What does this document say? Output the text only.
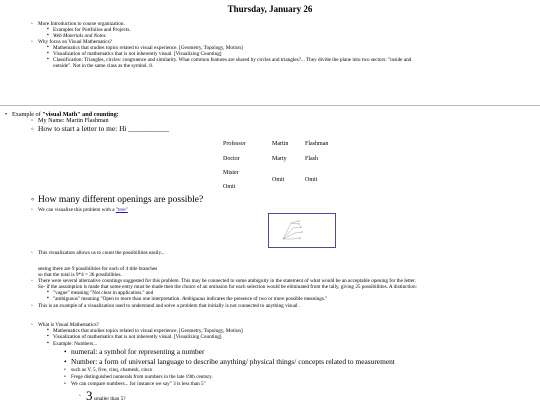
Thursday, January 26
◦ More Introduction to course organization.
▪ Examples for Portfolios and Projects.
▪ Web Materials and Notes.
◦ Why focus on Visual Mathematics?
▪ Mathematics that studies topics related to visual experience. [Geometry, Topology, Motion]
▪ Visualization of mathematics that is not inherently visual. [Visualizing Counting]
▪ Classification: Triangles, circles: congruence and similarity. What common features are shared by circles and triangles?... They divide the plane into two sectors: "inside and
outside". Not in the same class as the symbol. 8.
• Example of "visual Math" and counting:
◦ My Name: Martin Flashman
◦ How to start a letter to me: Hi ___________
Professor
Doctor
Mister
Omit
Martin
Marty
Omit
Flashman
Flash
Omit
◦ How many different openings are possible?
◦ We can visualize this problem with a "tree"
◦ This visualization allows us to count the possibilities easily...
seeing there are 9 possibilities for each of 4 title branches
so that the total is 9*4 = 36 possibilities.
◦ There were several alternative countings suggested for this problem. This may be connected to some ambiguity in the statement of what would be an acceptable opening for the letter.
So- if the assumption is made that some entry must be made then the choice of an omission for each selection would be eliminated from the tally, giving 25 possibilities. A distinction:
▪ "vague" meaning "Not clear in application." and
▪ "ambiguous" meaning "Open to more than one interpretation. Ambiguous indicates the presence of two or more possible meanings."
◦ This is an example of a visualization used to understand and solve a problem that initially is not connected to anything visual .
◦ What is Visual Mathematics?
▪ Mathematics that studies topics related to visual experience. [Geometry, Topology, Motion]
▪ Visualization of mathematics that is not inherently visual. [Visualizing Counting]
▪ Example: Numbers...
• numeral: a symbol for representing a number
• Number: a form of universal language to describe anything/ physical things/ concepts related to measurement
• such as V, 5, five, cinq, chamesh, cinco
• Frege distinguished numerals from numbers in the late 19th century.
• We can compare numbers... for instance we say" 3 is less than 5"
◦ 3 smaller than 5?
